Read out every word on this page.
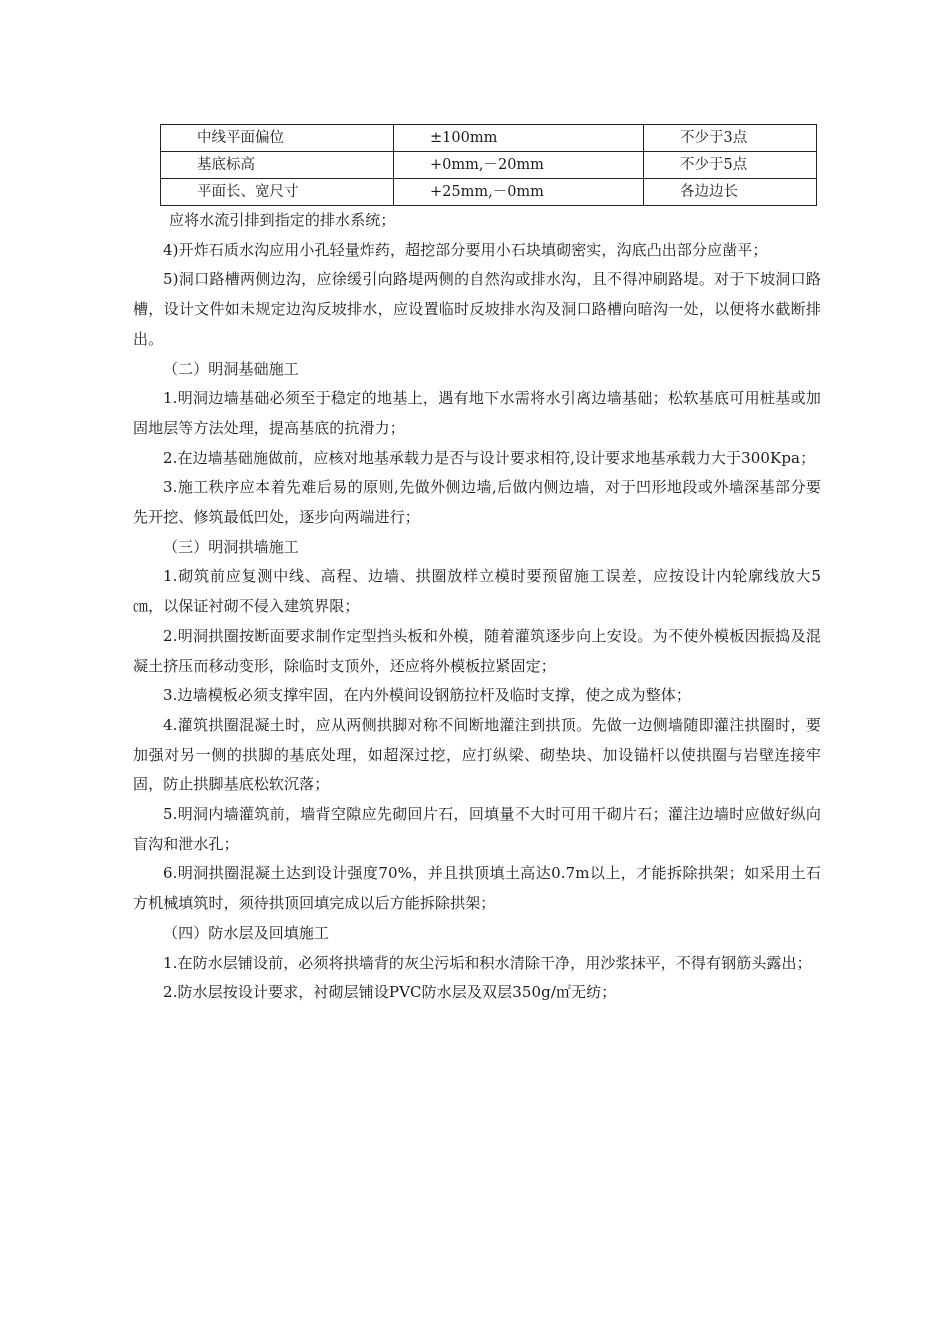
中线平面偏位	±100mm	不少于3点
基底标高	+0mm,－20mm	不少于5点
平面长、宽尺寸	+25mm,－0mm	各边边长

应将水流引排到指定的排水系统；

4)开炸石质水沟应用小孔轻量炸药，超挖部分要用小石块填砌密实，沟底凸出部分应凿平；

5)洞口路槽两侧边沟，应徐缓引向路堤两侧的自然沟或排水沟，且不得冲刷路堤。对于下坡洞口路槽，设计文件如未规定边沟反坡排水，应设置临时反坡排水沟及洞口路槽向暗沟一处，以便将水截断排出。

（二）明洞基础施工

1.明洞边墙基础必须至于稳定的地基上，遇有地下水需将水引离边墙基础；松软基底可用桩基或加固地层等方法处理，提高基底的抗滑力；

2.在边墙基础施做前，应核对地基承载力是否与设计要求相符,设计要求地基承载力大于300Kpa；

3.施工秩序应本着先难后易的原则,先做外侧边墙,后做内侧边墙，对于凹形地段或外墙深基部分要先开挖、修筑最低凹处，逐步向两端进行；

（三）明洞拱墙施工

1.砌筑前应复测中线、高程、边墙、拱圈放样立模时要预留施工误差，应按设计内轮廓线放大5㎝，以保证衬砌不侵入建筑界限；

2.明洞拱圈按断面要求制作定型挡头板和外模，随着灌筑逐步向上安设。为不使外模板因振捣及混凝土挤压而移动变形，除临时支顶外，还应将外模板拉紧固定；

3.边墙模板必须支撑牢固，在内外模间设钢筋拉杆及临时支撑，使之成为整体；

4.灌筑拱圈混凝土时，应从两侧拱脚对称不间断地灌注到拱顶。先做一边侧墙随即灌注拱圈时，要加强对另一侧的拱脚的基底处理，如超深过挖，应打纵梁、砌垫块、加设锚杆以使拱圈与岩壁连接牢固，防止拱脚基底松软沉落；

5.明洞内墙灌筑前，墙背空隙应先砌回片石，回填量不大时可用干砌片石；灌注边墙时应做好纵向盲沟和泄水孔；

6.明洞拱圈混凝土达到设计强度70%，并且拱顶填土高达0.7m以上，才能拆除拱架；如采用土石方机械填筑时，须待拱顶回填完成以后方能拆除拱架；

（四）防水层及回填施工

1.在防水层铺设前，必须将拱墙背的灰尘污垢和积水清除干净，用沙浆抹平，不得有钢筋头露出；

2.防水层按设计要求，衬砌层铺设PVC防水层及双层350g/㎡无纺；
